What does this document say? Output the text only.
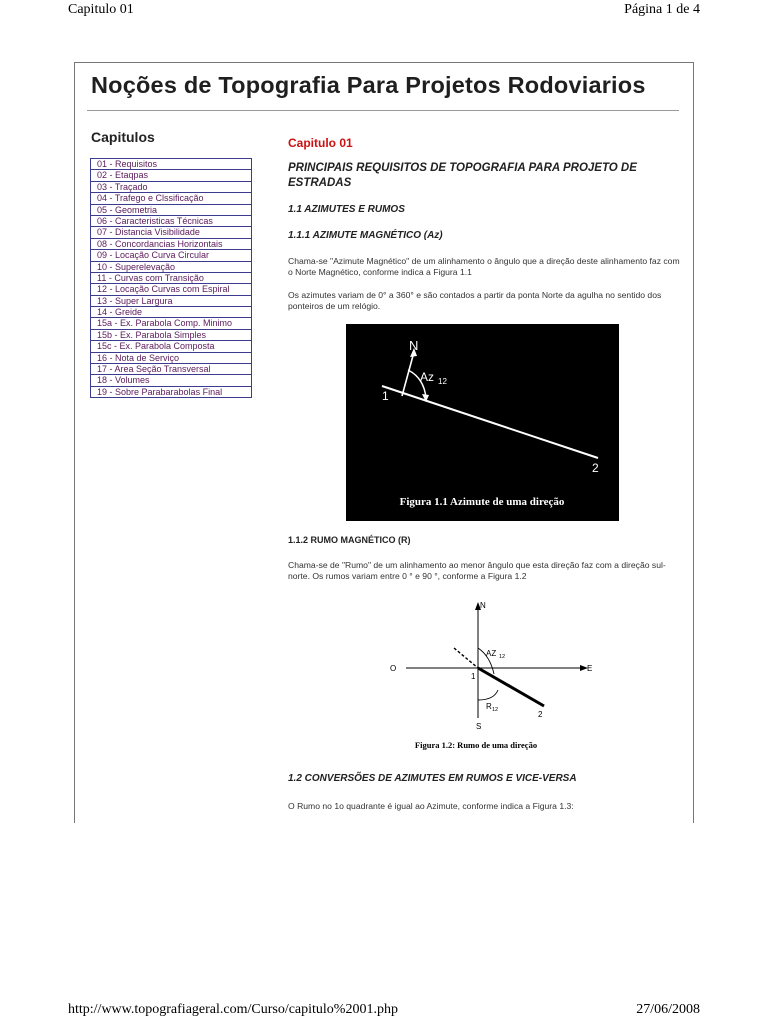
Capitulo 01	Página 1 de 4
Noções de Topografia Para Projetos Rodoviarios
Capitulos
01 - Requisitos
02 - Etaqpas
03 - Traçado
04 - Trafego e Clssificação
05 - Geometria
06 - Caracteristicas Técnicas
07 - Distancia Visibilidade
08 - Concordancias Horizontais
09 - Locação Curva Circular
10 - Superelevação
11 - Curvas com Transição
12 - Locação Curvas com Espiral
13 - Super Largura
14 - Greide
15a - Ex. Parabola Comp. Minimo
15b - Ex. Parabola Simples
15c - Ex. Parabola Composta
16 - Nota de Serviço
17 - Area Seção Transversal
18 - Volumes
19 - Sobre Parabarabolas Final
Capitulo 01
PRINCIPAIS REQUISITOS DE TOPOGRAFIA PARA PROJETO DE ESTRADAS
1.1 AZIMUTES E RUMOS
1.1.1 AZIMUTE MAGNÉTICO (Az)
Chama-se "Azimute Magnético" de um alinhamento o ângulo que a direção deste alinhamento faz com o Norte Magnético, conforme indica a Figura 1.1
Os azimutes variam de 0° a 360° e são contados a partir da ponta Norte da agulha no sentido dos ponteiros de um relógio.
N
Az 12
1
2
Figura 1.1 Azimute de uma direção
1.1.2 RUMO MAGNÉTICO (R)
Chama-se de "Rumo" de um alinhamento ao menor ângulo que esta direção faz com a direção sul-norte. Os rumos variam entre 0 ° e 90 °, conforme a Figura 1.2
N
S
O	E
AZ 12
R 12
1
2
Figura 1.2: Rumo de uma direção
1.2 CONVERSÕES DE AZIMUTES EM RUMOS E VICE-VERSA
O Rumo no 1o quadrante é igual ao Azimute, conforme indica a Figura 1.3:
http://www.topografiageral.com/Curso/capitulo%2001.php	27/06/2008
